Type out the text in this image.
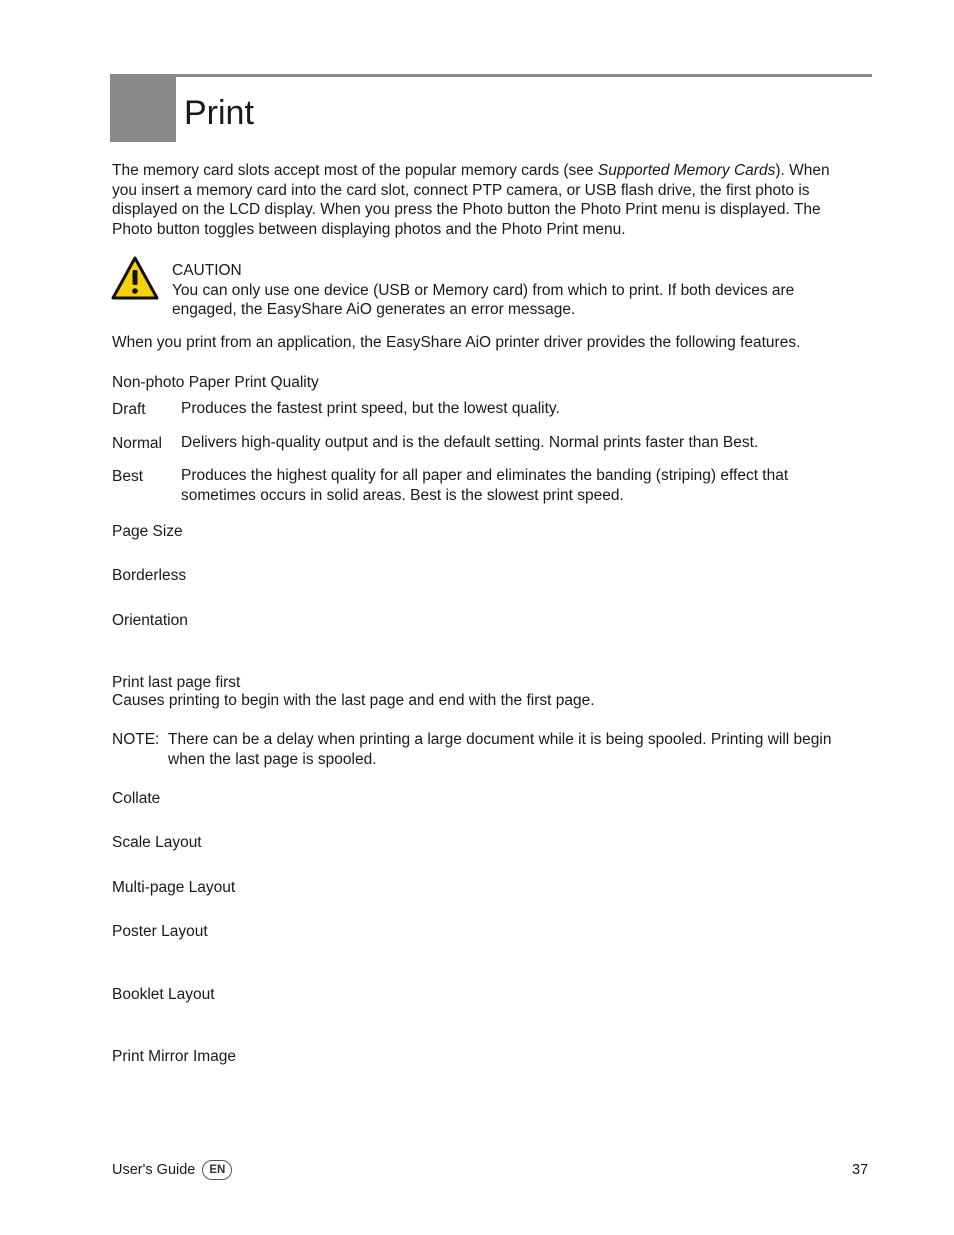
Print

The memory card slots accept most of the popular memory cards (see Supported Memory Cards). When you insert a memory card into the card slot, connect PTP camera, or USB flash drive, the first photo is displayed on the LCD display. When you press the Photo button the Photo Print menu is displayed. The Photo button toggles between displaying photos and the Photo Print menu.

CAUTION
You can only use one device (USB or Memory card) from which to print. If both devices are engaged, the EasyShare AiO generates an error message.

When you print from an application, the EasyShare AiO printer driver provides the following features.

Non-photo Paper Print Quality
Draft Produces the fastest print speed, but the lowest quality.
Normal Delivers high-quality output and is the default setting. Normal prints faster than Best.
Best Produces the highest quality for all paper and eliminates the banding (striping) effect that sometimes occurs in solid areas. Best is the slowest print speed.
Page Size
Borderless
Orientation
Print last page first
Causes printing to begin with the last page and end with the first page.
NOTE: There can be a delay when printing a large document while it is being spooled. Printing will begin when the last page is spooled.
Collate
Scale Layout
Multi-page Layout
Poster Layout
Booklet Layout
Print Mirror Image
User's Guide	EN	37
